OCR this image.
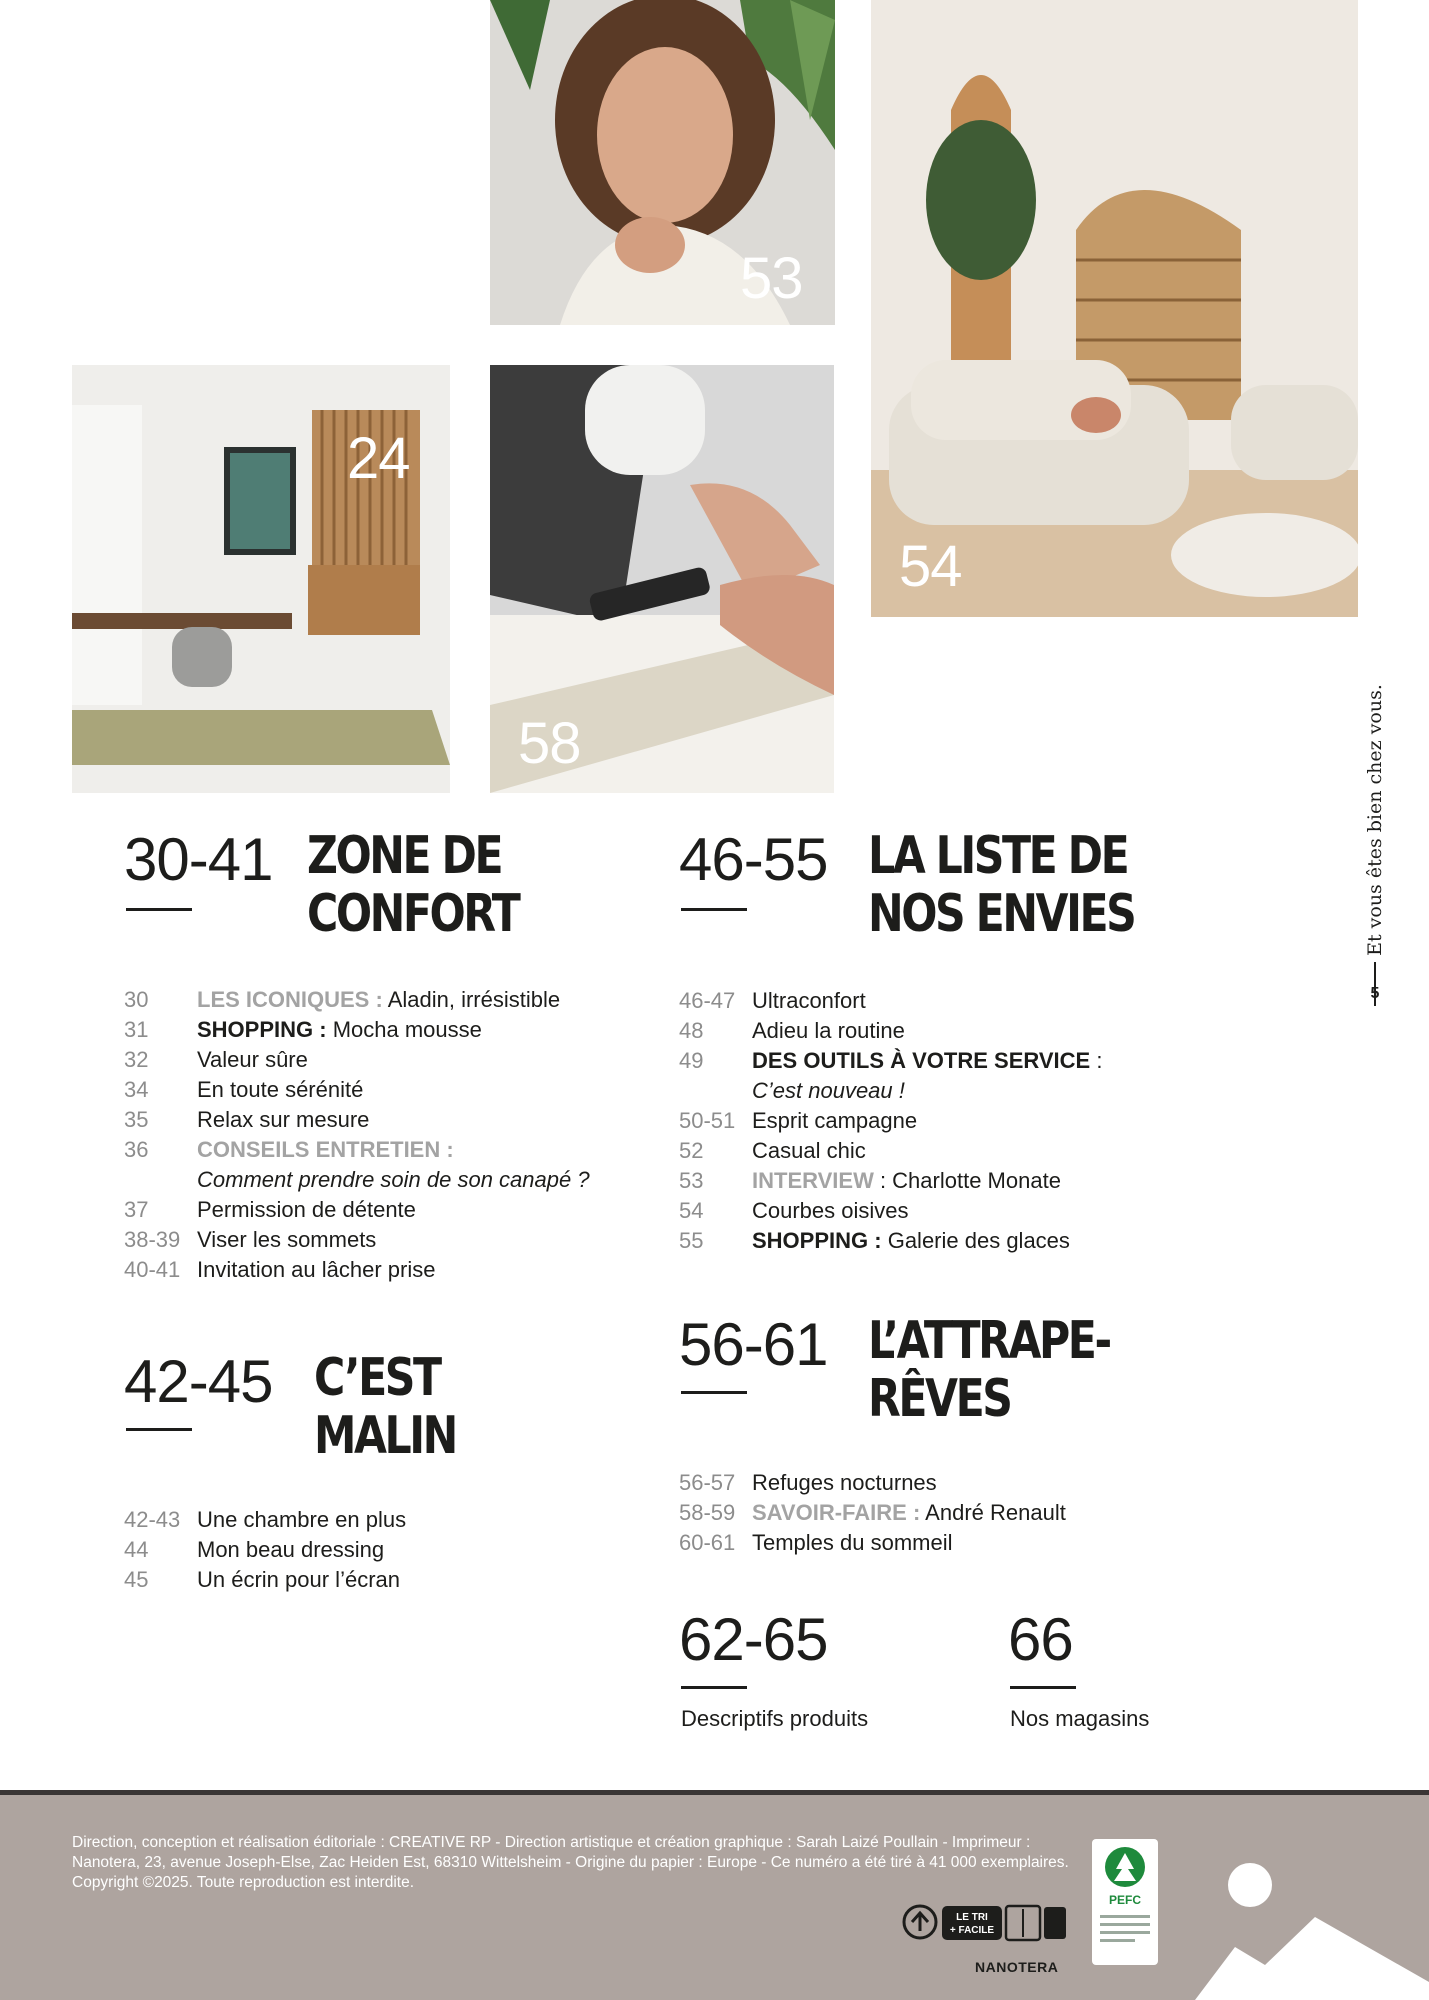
53
24
58
54
Et vous êtes bien chez vous.
5
30-41 ZONE DE
CONFORT
30 LES ICONIQUES : Aladin, irrésistible
31 SHOPPING : Mocha mousse
32 Valeur sûre
34 En toute sérénité
35 Relax sur mesure
36 CONSEILS ENTRETIEN :
Comment prendre soin de son canapé ?
37 Permission de détente
38-39 Viser les sommets
40-41 Invitation au lâcher prise
42-45 C’EST
MALIN
42-43 Une chambre en plus
44 Mon beau dressing
45 Un écrin pour l’écran
46-55 LA LISTE DE
NOS ENVIES
46-47 Ultraconfort
48 Adieu la routine
49 DES OUTILS À VOTRE SERVICE :
C’est nouveau !
50-51 Esprit campagne
52 Casual chic
53 INTERVIEW : Charlotte Monate
54 Courbes oisives
55 SHOPPING : Galerie des glaces
56-61 L’ATTRAPE-
RÊVES
56-57 Refuges nocturnes
58-59 SAVOIR-FAIRE : André Renault
60-61 Temples du sommeil
62-65
Descriptifs produits
66
Nos magasins
Direction, conception et réalisation éditoriale : CREATIVE RP - Direction artistique et création graphique : Sarah Laizé Poullain - Imprimeur : Nanotera, 23, avenue Joseph-Else, Zac Heiden Est, 68310 Wittelsheim - Origine du papier : Europe - Ce numéro a été tiré à 41 000 exemplaires. Copyright ©2025. Toute reproduction est interdite.
LE TRI
+ FACILE
NANOTERA
PEFC
